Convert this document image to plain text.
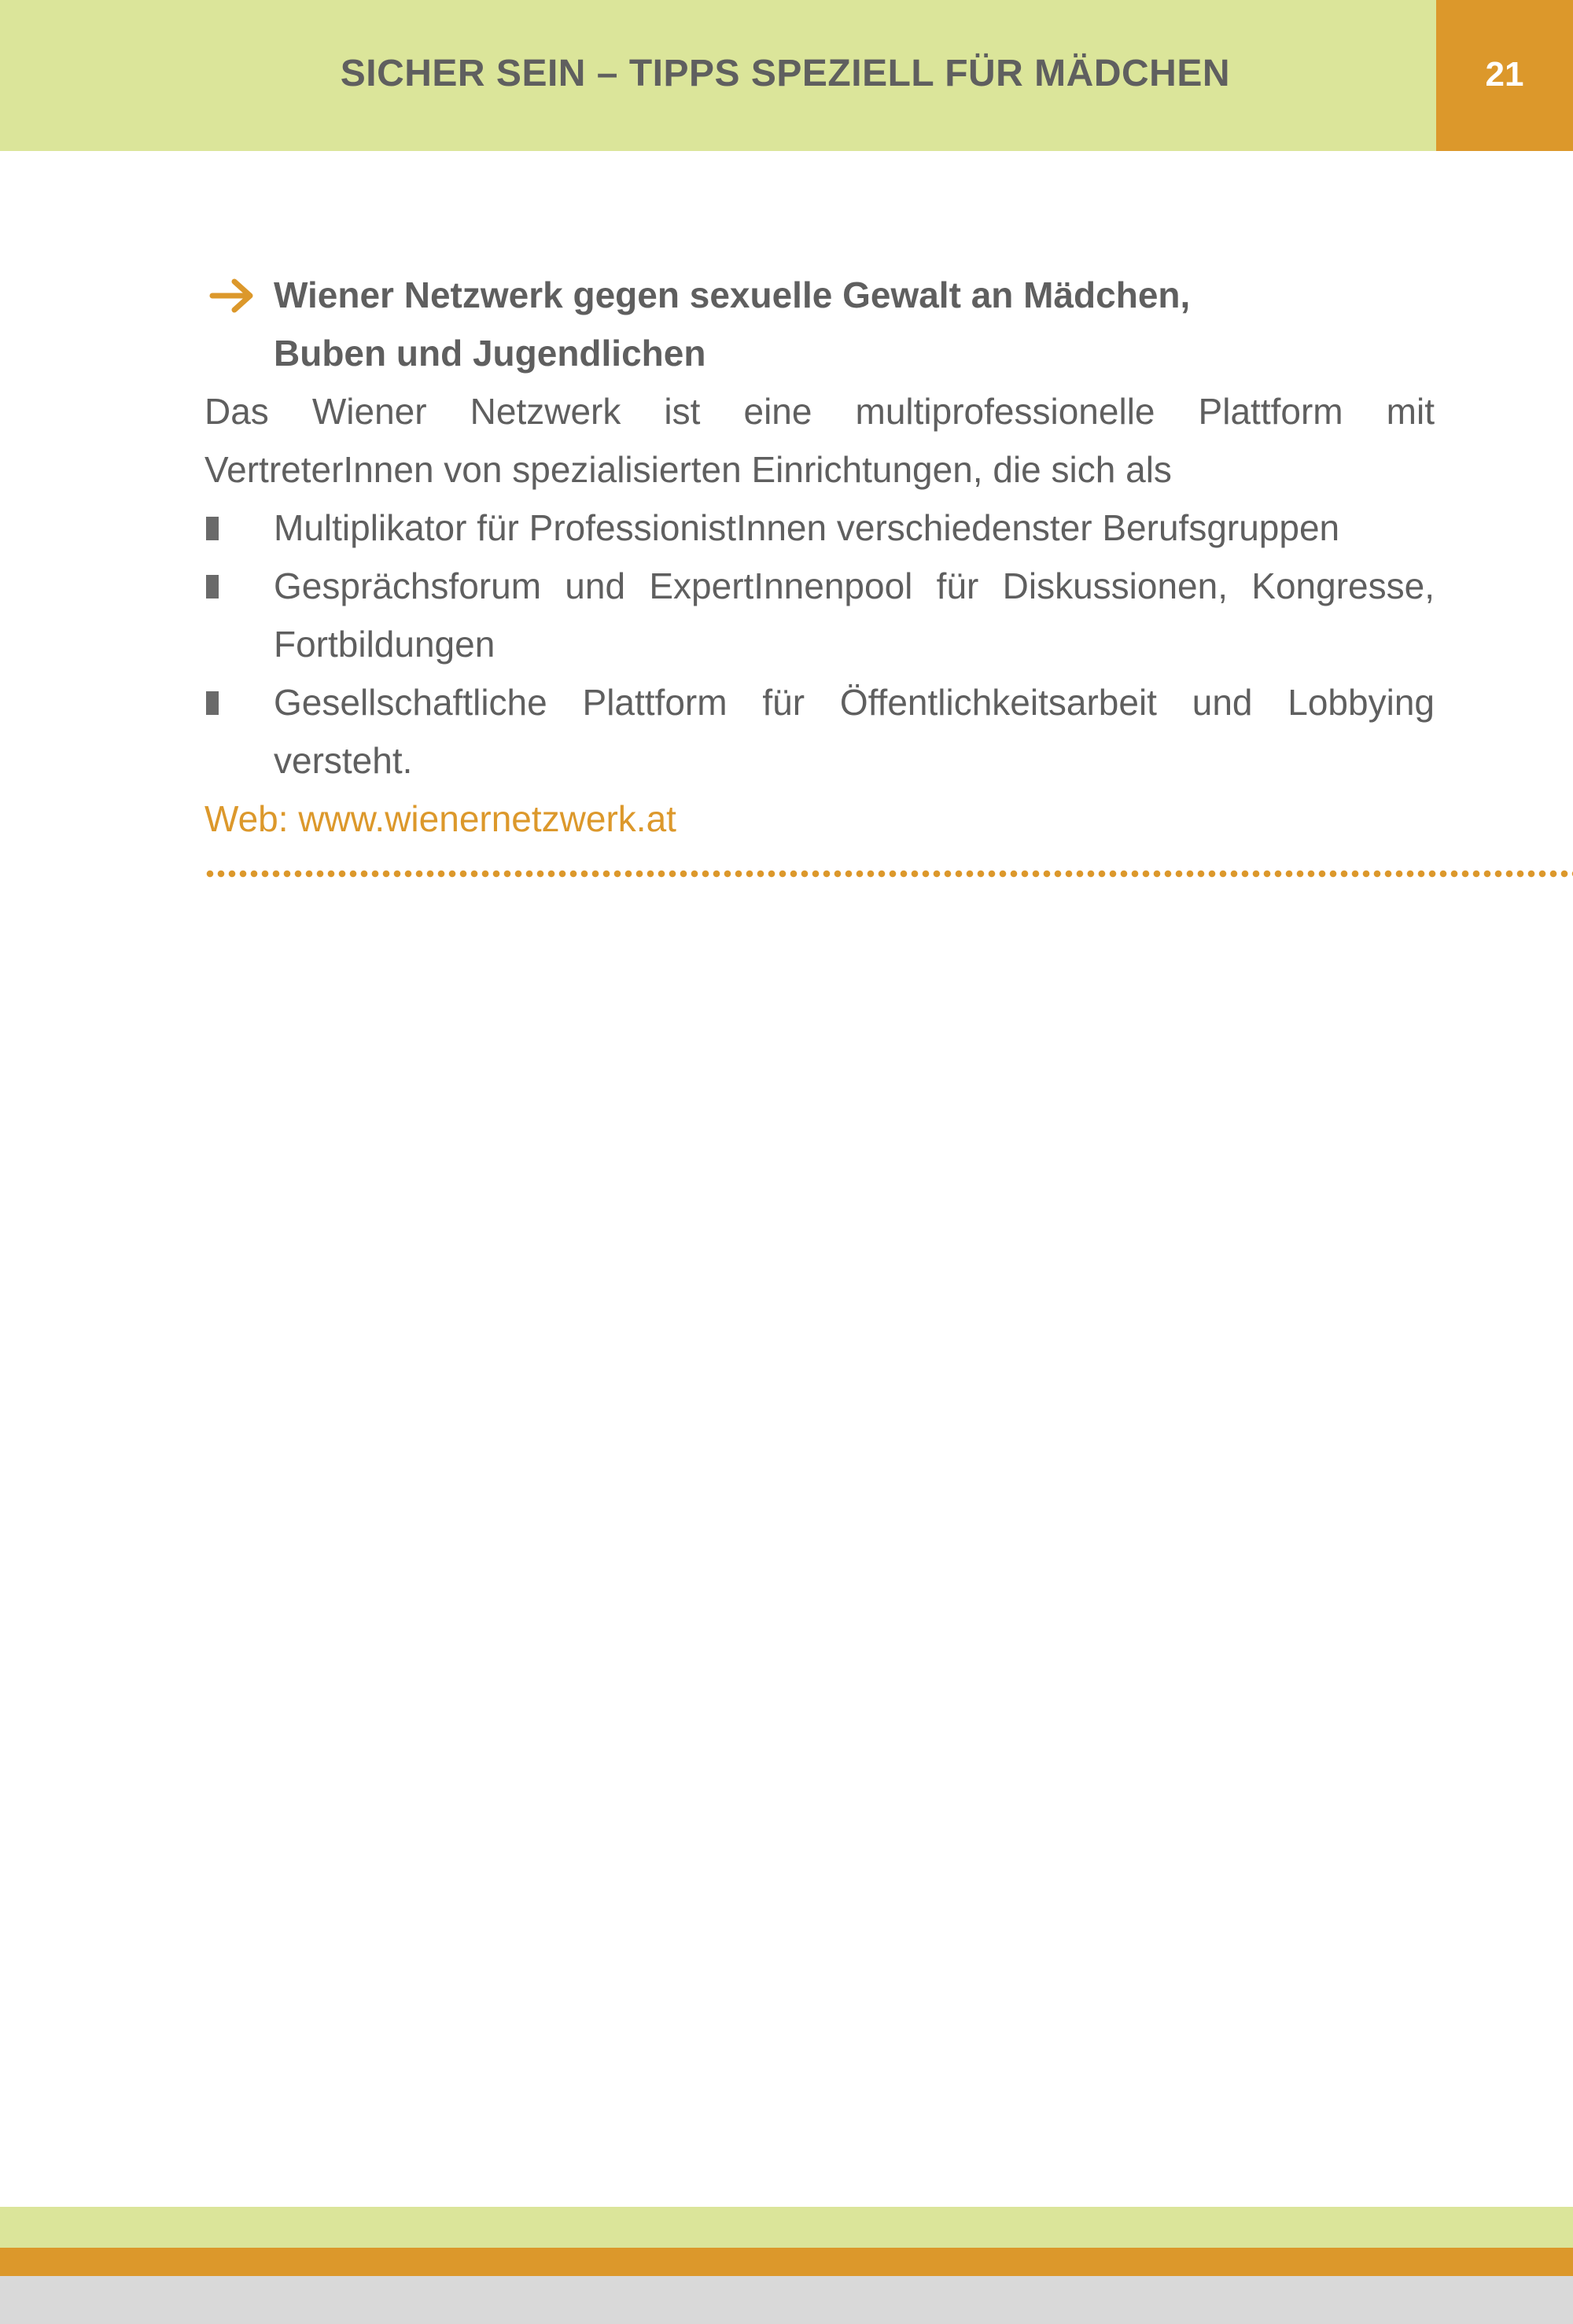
SICHER SEIN – TIPPS SPEZIELL FÜR MÄDCHEN	21
Wiener Netzwerk gegen sexuelle Gewalt an Mädchen,
Buben und Jugendlichen
Das Wiener Netzwerk ist eine multiprofessionelle Plattform mit VertreterInnen von spezialisierten Einrichtungen, die sich als
Multiplikator für ProfessionistInnen verschiedenster Berufsgruppen
Gesprächsforum und ExpertInnenpool für Diskussionen, Kongresse, Fortbildungen
Gesellschaftliche Plattform für Öffentlichkeitsarbeit und Lobbying versteht.
Web: www.wienernetzwerk.at
